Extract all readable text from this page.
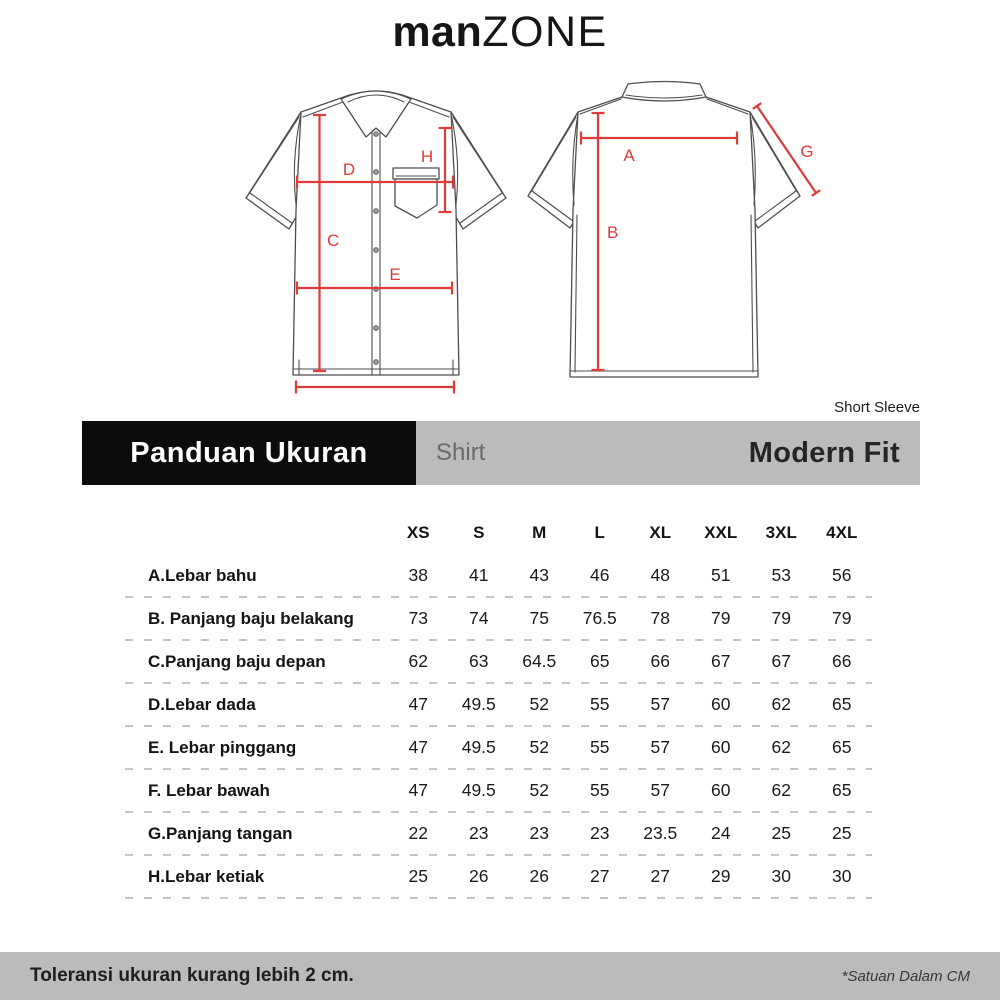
manZONE
C
D
H
E
A
B
G
Short Sleeve
Panduan Ukuran	Shirt	Modern Fit
XS	S	M	L	XL	XXL	3XL	4XL
A.Lebar bahu	38	41	43	46	48	51	53	56
B. Panjang baju belakang	73	74	75	76.5	78	79	79	79
C.Panjang baju depan	62	63	64.5	65	66	67	67	66
D.Lebar dada	47	49.5	52	55	57	60	62	65
E. Lebar pinggang	47	49.5	52	55	57	60	62	65
F. Lebar bawah	47	49.5	52	55	57	60	62	65
G.Panjang tangan	22	23	23	23	23.5	24	25	25
H.Lebar ketiak	25	26	26	27	27	29	30	30
Toleransi ukuran kurang lebih 2 cm.	*Satuan Dalam CM
